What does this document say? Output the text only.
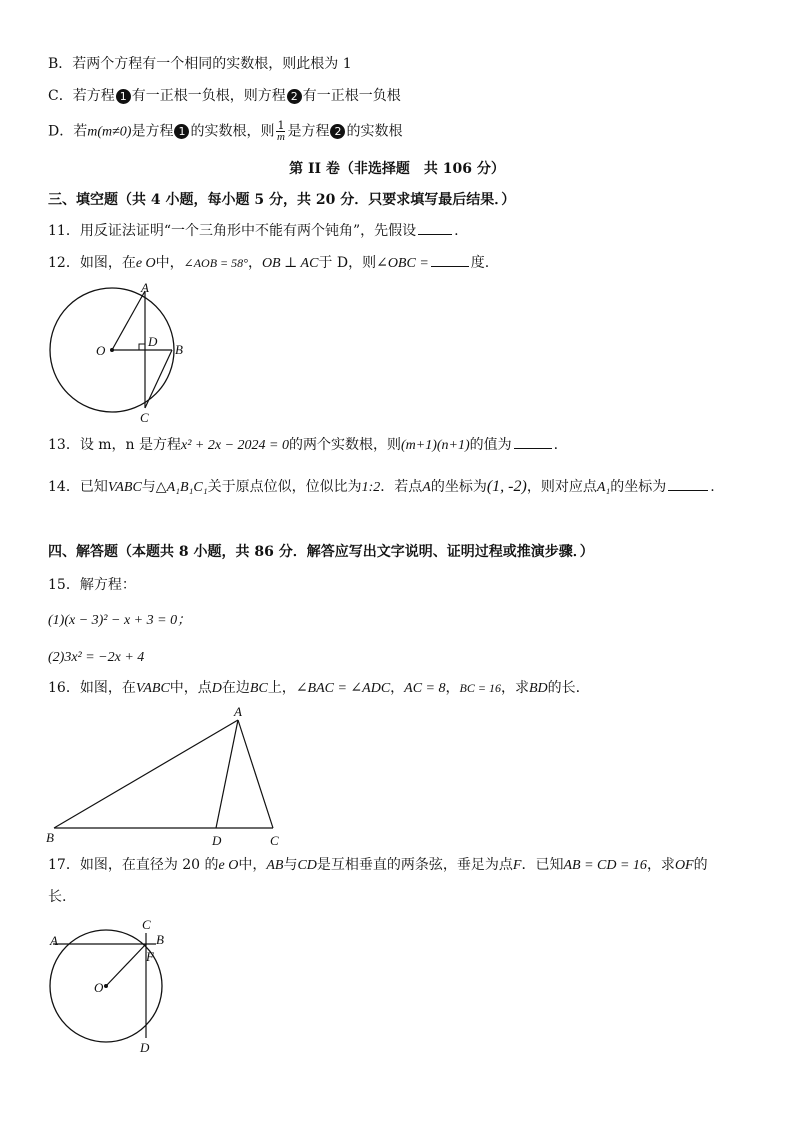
B．若两个方程有一个相同的实数根，则此根为 1
C．若方程 1 有一正根一负根，则方程 2 有一正根一负根
D．若m(m≠0)是方程 1 的实数根，则 $\frac{1}{m}$ 是方程 2 的实数根
第 II 卷（非选择题　共 106 分）
三、填空题（共 4 小题，每小题 5 分，共 20 分．只要求填写最后结果．）
11．用反证法证明“一个三角形中不能有两个钝角”，先假设	.
12．如图，在e O中，∠AOB = 58°，OB ⊥ AC于 D，则∠OBC =	度.
A
B
C
D
O
13．设 m，n 是方程x² + 2x − 2024 = 0的两个实数根，则(m+1)(n+1)的值为	.
14．已知VABC与△A₁B₁C₁关于原点位似，位似比为1:2．若点A的坐标为(1, -2)，则对应点A₁的坐标为	.
四、解答题（本题共 8 小题，共 86 分．解答应写出文字说明、证明过程或推演步骤．）
15．解方程：
(1)(x − 3)² − x + 3 = 0；
(2)3x² = −2x + 4
16．如图，在VABC中，点D在边BC上，∠BAC = ∠ADC，AC = 8，BC = 16，求BD的长.
A
B	C
D
17．如图，在直径为 20 的e O中，AB与CD是互相垂直的两条弦，垂足为点F．已知AB = CD = 16，求OF的
长.
A	B
C
D
F
O
